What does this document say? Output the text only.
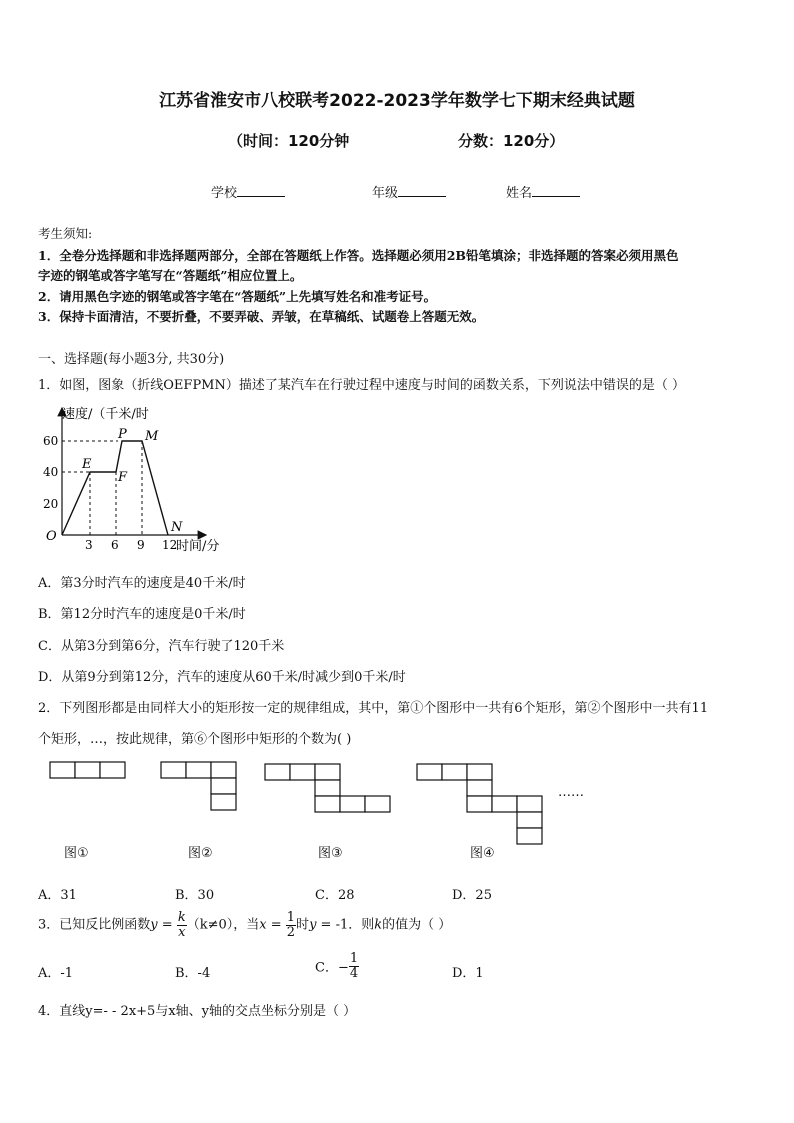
江苏省淮安市八校联考2022-2023学年数学七下期末经典试题
（时间：120分钟	分数：120分）
学校	年级	姓名
考生须知:
1．全卷分选择题和非选择题两部分，全部在答题纸上作答。选择题必须用2B铅笔填涂；非选择题的答案必须用黑色
字迹的钢笔或答字笔写在“答题纸”相应位置上。
2．请用黑色字迹的钢笔或答字笔在“答题纸”上先填写姓名和准考证号。
3．保持卡面清洁，不要折叠，不要弄破、弄皱，在草稿纸、试题卷上答题无效。
一、选择题(每小题3分, 共30分)
1．如图，图象（折线OEFPMN）描述了某汽车在行驶过程中速度与时间的函数关系，下列说法中错误的是（ ）
速度/（千米/时
时间/分
O
60
40
20
3 6 9 12
E
F
P M
N
A．第3分时汽车的速度是40千米/时
B．第12分时汽车的速度是0千米/时
C．从第3分到第6分，汽车行驶了120千米
D．从第9分到第12分，汽车的速度从60千米/时减少到0千米/时
2．下列图形都是由同样大小的矩形按一定的规律组成，其中，第①个图形中一共有6个矩形，第②个图形中一共有11
个矩形，…，按此规律，第⑥个图形中矩形的个数为( )
……
图①	图②	图③	图④
A．31	B．30	C．28	D．25
3．已知反比例函数$y = \frac{k}{x} (k\ne 0)$，当$x = \frac{1}{2}$ 时y = -1．则k的值为（ ）
A．-1	B．-4	C．− $\frac{1}{4}$	D．1
4．直线y=‐ - 2x+5与x轴、y轴的交点坐标分别是（ ）
